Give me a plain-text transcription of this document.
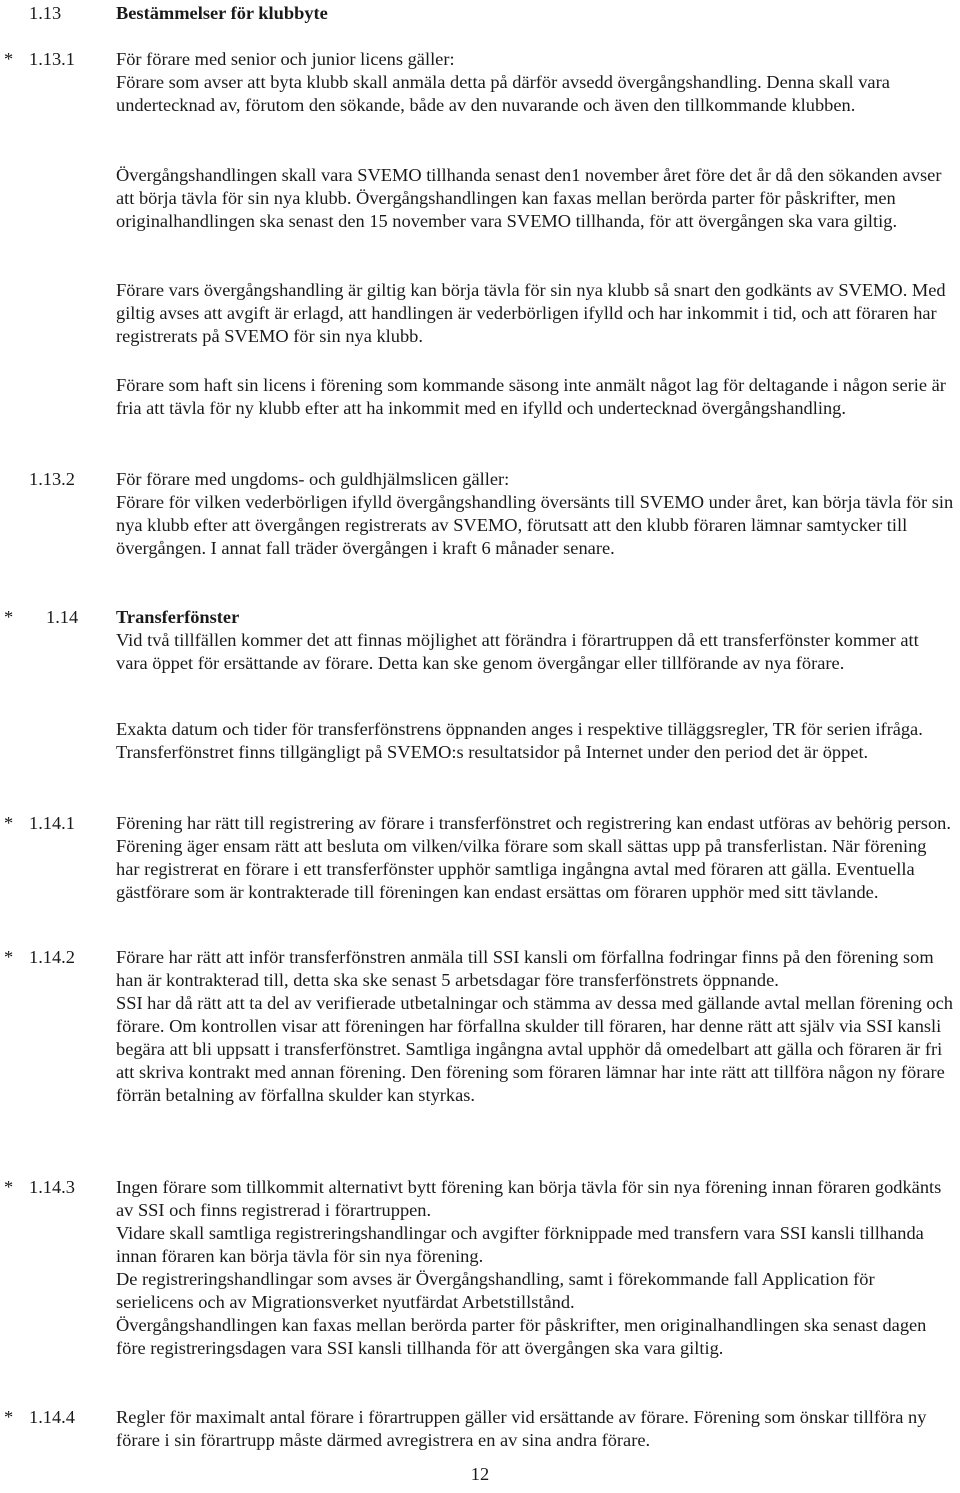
1.13	Bestämmelser för klubbyte
* 1.13.1 För förare med senior och junior licens gäller:
Förare som avser att byta klubb skall anmäla detta på därför avsedd övergångshandling. Denna skall vara undertecknad av, förutom den sökande, både av den nuvarande och även den tillkommande klubben.
Övergångshandlingen skall vara SVEMO tillhanda senast den1 november året före det år då den sökanden avser att börja tävla för sin nya klubb. Övergångshandlingen kan faxas mellan berörda parter för påskrifter, men originalhandlingen ska senast den 15 november vara SVEMO tillhanda, för att övergången ska vara giltig.
Förare vars övergångshandling är giltig kan börja tävla för sin nya klubb så snart den godkänts av SVEMO. Med giltig avses att avgift är erlagd, att handlingen är vederbörligen ifylld och har inkommit i tid, och att föraren har registrerats på SVEMO för sin nya klubb.
Förare som haft sin licens i förening som kommande säsong inte anmält något lag för deltagande i någon serie är fria att tävla för ny klubb efter att ha inkommit med en ifylld och undertecknad övergångshandling.
1.13.2 För förare med ungdoms- och guldhjälmslicen gäller:
Förare för vilken vederbörligen ifylld övergångshandling översänts till SVEMO under året, kan börja tävla för sin nya klubb efter att övergången registrerats av SVEMO, förutsatt att den klubb föraren lämnar samtycker till övergången. I annat fall träder övergången i kraft 6 månader senare.
* 1.14 Transferfönster
Vid två tillfällen kommer det att finnas möjlighet att förändra i förartruppen då ett transferfönster kommer att vara öppet för ersättande av förare. Detta kan ske genom övergångar eller tillförande av nya förare.
Exakta datum och tider för transferfönstrens öppnanden anges i respektive tilläggsregler, TR för serien ifråga. Transferfönstret finns tillgängligt på SVEMO:s resultatsidor på Internet under den period det är öppet.
* 1.14.1 Förening har rätt till registrering av förare i transferfönstret och registrering kan endast utföras av behörig person. Förening äger ensam rätt att besluta om vilken/vilka förare som skall sättas upp på transferlistan. När förening har registrerat en förare i ett transferfönster upphör samtliga ingångna avtal med föraren att gälla. Eventuella gästförare som är kontrakterade till föreningen kan endast ersättas om föraren upphör med sitt tävlande.
* 1.14.2 Förare har rätt att inför transferfönstren anmäla till SSI kansli om förfallna fodringar finns på den förening som han är kontrakterad till, detta ska ske senast 5 arbetsdagar före transferfönstrets öppnande.
SSI har då rätt att ta del av verifierade utbetalningar och stämma av dessa med gällande avtal mellan förening och förare. Om kontrollen visar att föreningen har förfallna skulder till föraren, har denne rätt att själv via SSI kansli begära att bli uppsatt i transferfönstret. Samtliga ingångna avtal upphör då omedelbart att gälla och föraren är fri att skriva kontrakt med annan förening. Den förening som föraren lämnar har inte rätt att tillföra någon ny förare förrän betalning av förfallna skulder kan styrkas.
* 1.14.3 Ingen förare som tillkommit alternativt bytt förening kan börja tävla för sin nya förening innan föraren godkänts av SSI och finns registrerad i förartruppen.
Vidare skall samtliga registreringshandlingar och avgifter förknippade med transfern vara SSI kansli tillhanda innan föraren kan börja tävla för sin nya förening.
De registreringshandlingar som avses är Övergångshandling, samt i förekommande fall Application för serielicens och av Migrationsverket nyutfärdat Arbetstillstånd.
Övergångshandlingen kan faxas mellan berörda parter för påskrifter, men originalhandlingen ska senast dagen före registreringsdagen vara SSI kansli tillhanda för att övergången ska vara giltig.
* 1.14.4 Regler för maximalt antal förare i förartruppen gäller vid ersättande av förare. Förening som önskar tillföra ny förare i sin förartrupp måste därmed avregistrera en av sina andra förare.
12
